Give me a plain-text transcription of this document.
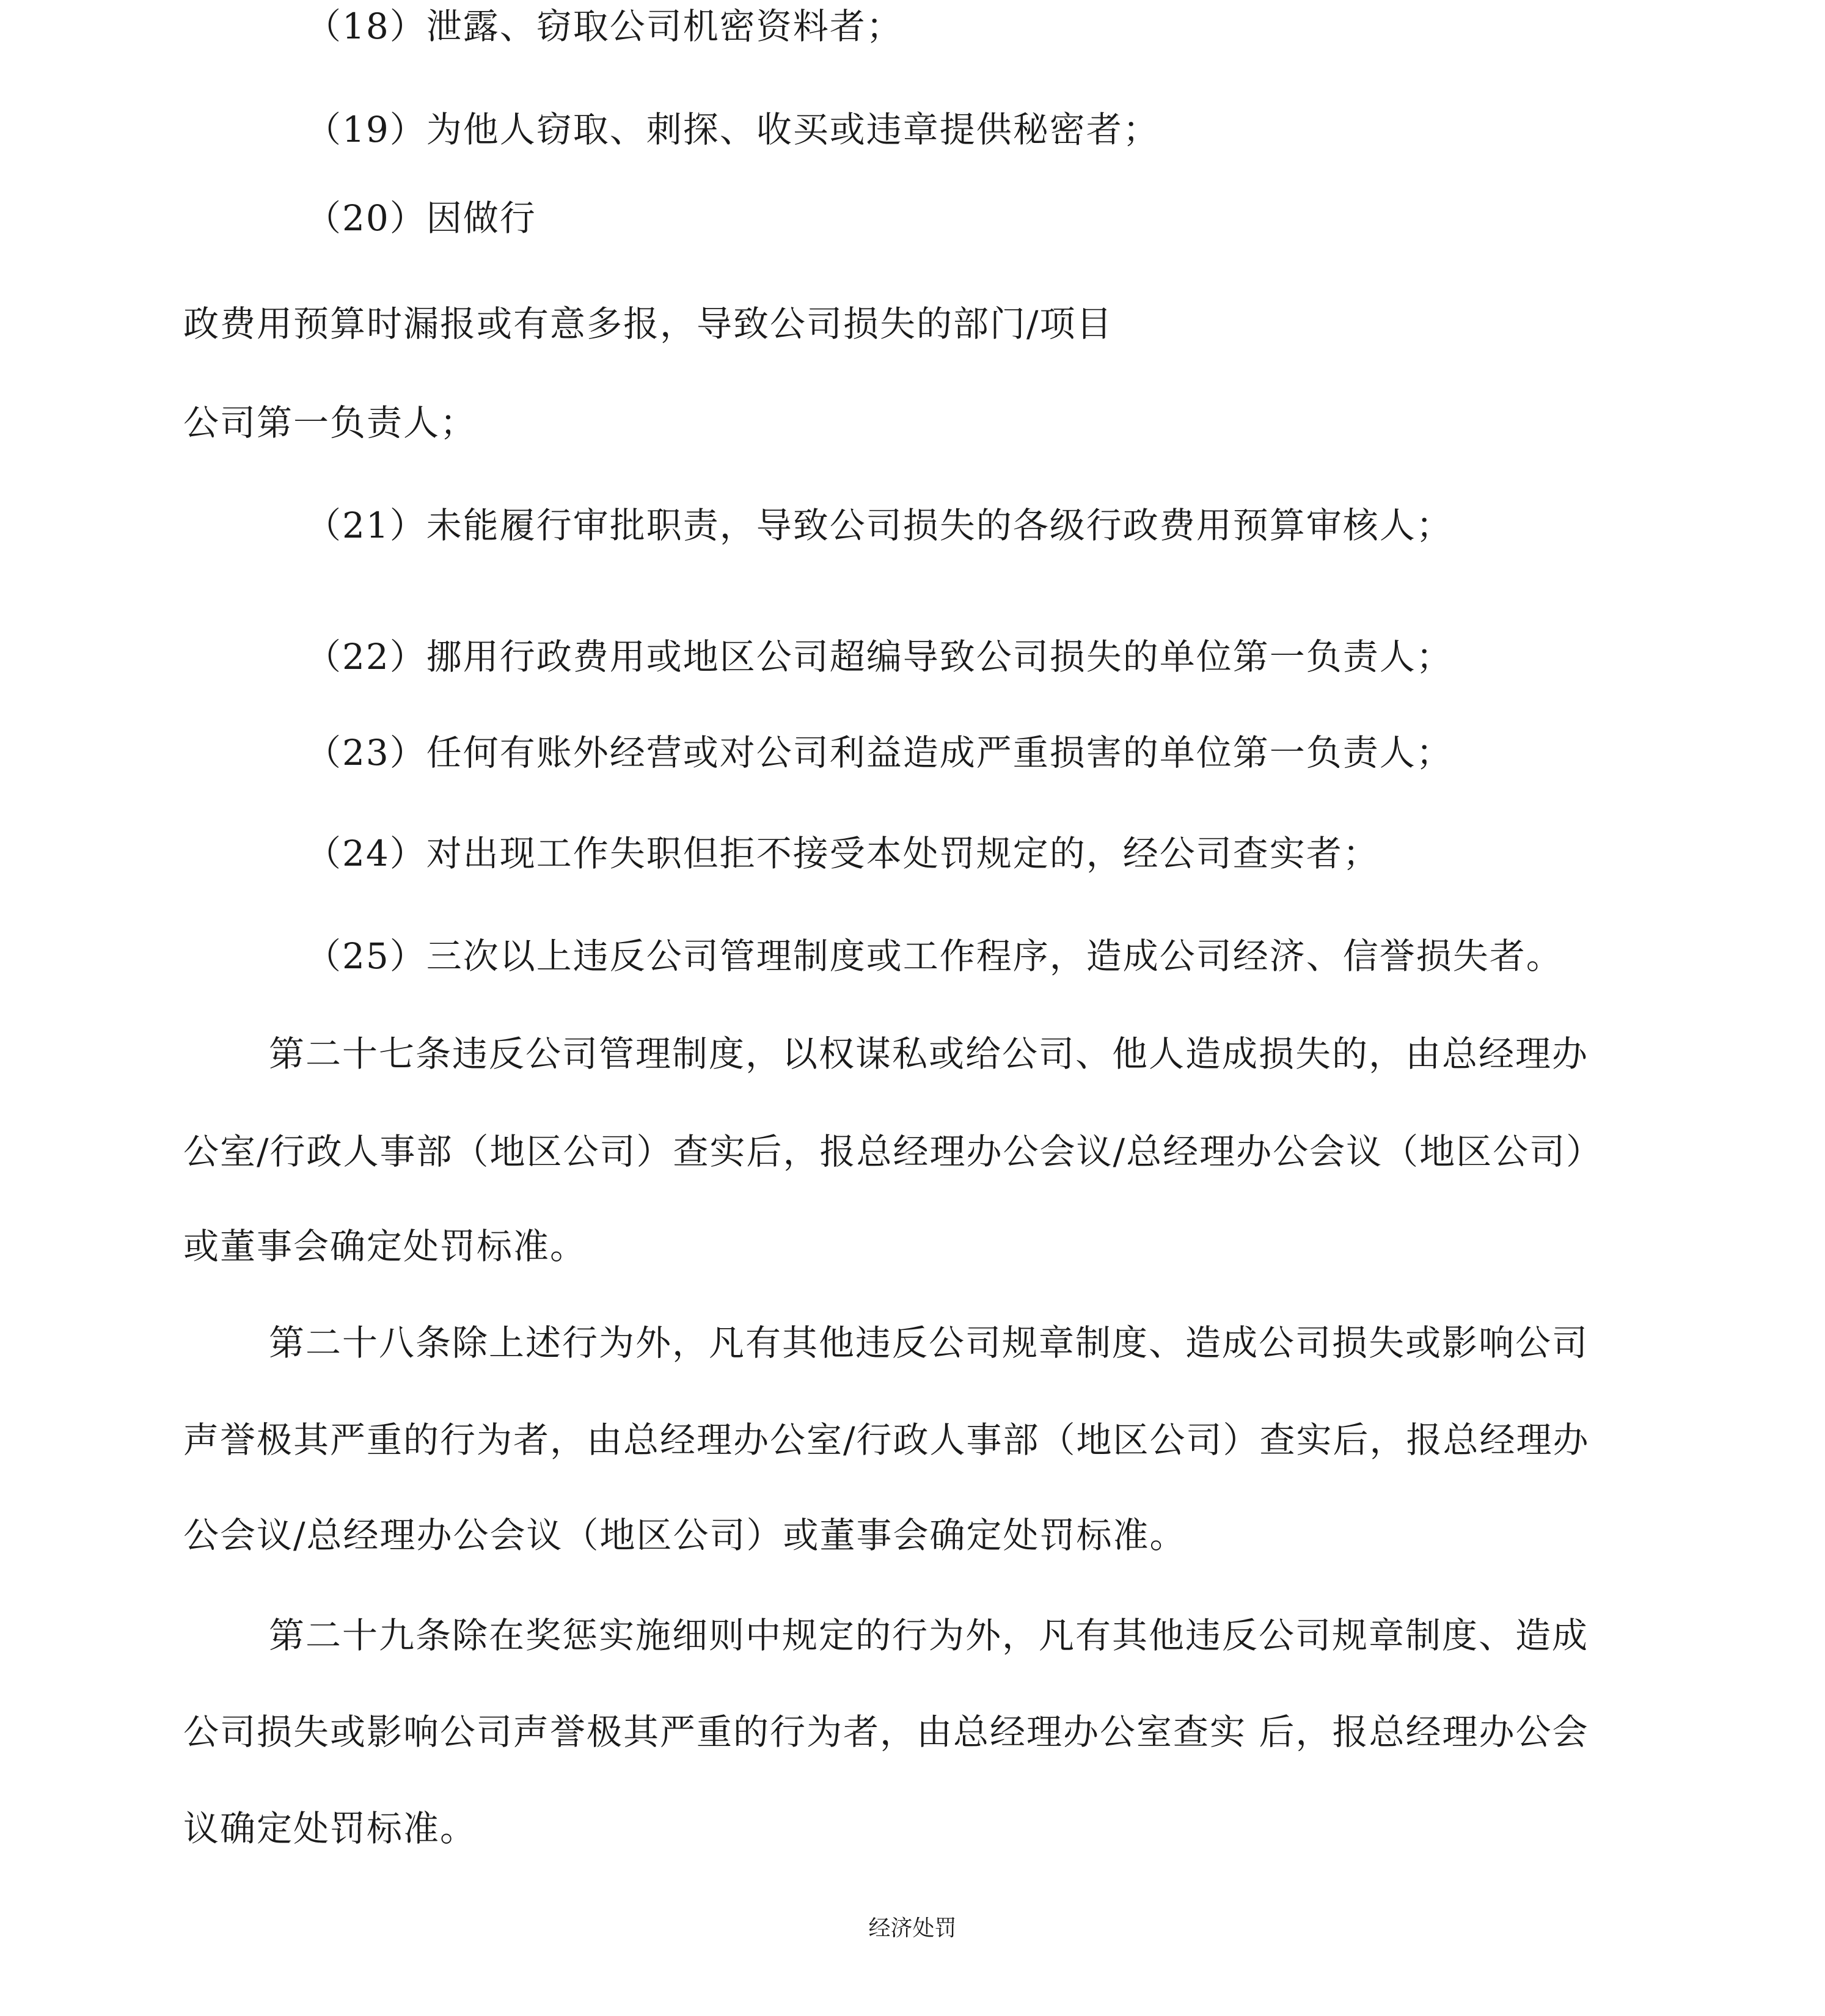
（18）泄露、窃取公司机密资料者；

（19）为他人窃取、刺探、收买或违章提供秘密者；

（20）因做行

政费用预算时漏报或有意多报，导致公司损失的部门/项目

公司第一负责人；

（21）未能履行审批职责，导致公司损失的各级行政费用预算审核人；

（22）挪用行政费用或地区公司超编导致公司损失的单位第一负责人；

（23）任何有账外经营或对公司利益造成严重损害的单位第一负责人；

（24）对出现工作失职但拒不接受本处罚规定的，经公司查实者；

（25）三次以上违反公司管理制度或工作程序，造成公司经济、信誉损失者。

第二十七条违反公司管理制度，以权谋私或给公司、他人造成损失的，由总经理办

公室/行政人事部（地区公司）查实后，报总经理办公会议/总经理办公会议（地区公司）

或董事会确定处罚标准。

第二十八条除上述行为外，凡有其他违反公司规章制度、造成公司损失或影响公司

声誉极其严重的行为者，由总经理办公室/行政人事部（地区公司）查实后，报总经理办

公会议/总经理办公会议（地区公司）或董事会确定处罚标准。

第二十九条除在奖惩实施细则中规定的行为外，凡有其他违反公司规章制度、造成

公司损失或影响公司声誉极其严重的行为者，由总经理办公室查实 后，报总经理办公会

议确定处罚标准。

经济处罚
